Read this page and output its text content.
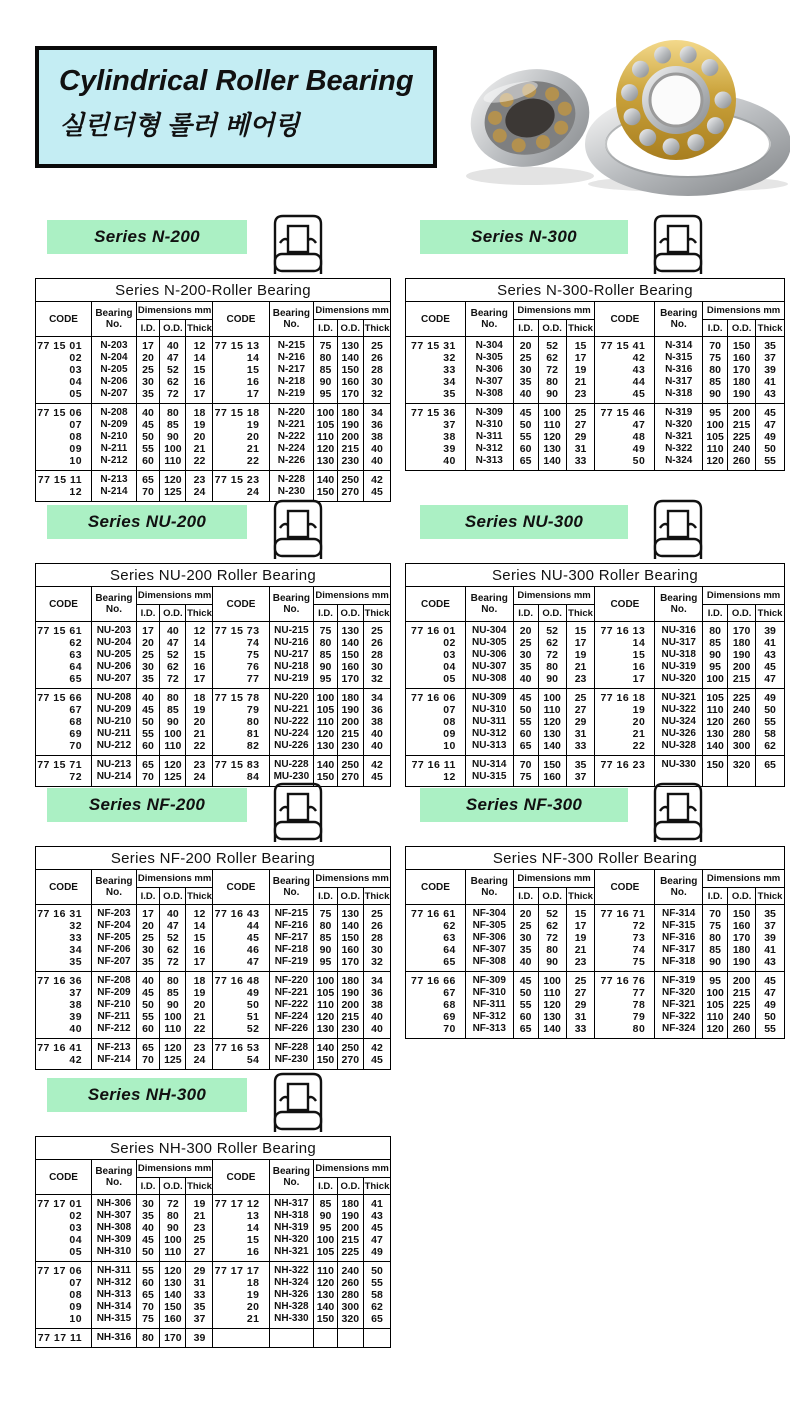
Cylindrical Roller Bearing
실린더형 롤러 베어링
Series N-200
Series N-200-Roller Bearing									
CODE	Bearing No.	Dimensions mm			CODE	Bearing No.	Dimensions mm		
		I.D.	O.D.	Thick			I.D.	O.D.	Thick
77 15 01	N-203	17	40	12	77 15 13	N-215	75	130	25
02	N-204	20	47	14	14	N-216	80	140	26
03	N-205	25	52	15	15	N-217	85	150	28
04	N-206	30	62	16	16	N-218	90	160	30
05	N-207	35	72	17	17	N-219	95	170	32
77 15 06	N-208	40	80	18	77 15 18	N-220	100	180	34
07	N-209	45	85	19	19	N-221	105	190	36
08	N-210	50	90	20	20	N-222	110	200	38
09	N-211	55	100	21	21	N-224	120	215	40
10	N-212	60	110	22	22	N-226	130	230	40
77 15 11	N-213	65	120	23	77 15 23	N-228	140	250	42
12	N-214	70	125	24	24	N-230	150	270	45
Series N-300
Series N-300-Roller Bearing									
CODE	Bearing No.	Dimensions mm			CODE	Bearing No.	Dimensions mm		
		I.D.	O.D.	Thick			I.D.	O.D.	Thick
77 15 31	N-304	20	52	15	77 15 41	N-314	70	150	35
32	N-305	25	62	17	42	N-315	75	160	37
33	N-306	30	72	19	43	N-316	80	170	39
34	N-307	35	80	21	44	N-317	85	180	41
35	N-308	40	90	23	45	N-318	90	190	43
77 15 36	N-309	45	100	25	77 15 46	N-319	95	200	45
37	N-310	50	110	27	47	N-320	100	215	47
38	N-311	55	120	29	48	N-321	105	225	49
39	N-312	60	130	31	49	N-322	110	240	50
40	N-313	65	140	33	50	N-324	120	260	55
Series NU-200
Series NU-200 Roller Bearing									
CODE	Bearing No.	Dimensions mm			CODE	Bearing No.	Dimensions mm		
		I.D.	O.D.	Thick			I.D.	O.D.	Thick
77 15 61	NU-203	17	40	12	77 15 73	NU-215	75	130	25
62	NU-204	20	47	14	74	NU-216	80	140	26
63	NU-205	25	52	15	75	NU-217	85	150	28
64	NU-206	30	62	16	76	NU-218	90	160	30
65	NU-207	35	72	17	77	NU-219	95	170	32
77 15 66	NU-208	40	80	18	77 15 78	NU-220	100	180	34
67	NU-209	45	85	19	79	NU-221	105	190	36
68	NU-210	50	90	20	80	NU-222	110	200	38
69	NU-211	55	100	21	81	NU-224	120	215	40
70	NU-212	60	110	22	82	NU-226	130	230	40
77 15 71	NU-213	65	120	23	77 15 83	NU-228	140	250	42
72	NU-214	70	125	24	84	MU-230	150	270	45
Series NU-300
Series NU-300 Roller Bearing									
CODE	Bearing No.	Dimensions mm			CODE	Bearing No.	Dimensions mm		
		I.D.	O.D.	Thick			I.D.	O.D.	Thick
77 16 01	NU-304	20	52	15	77 16 13	NU-316	80	170	39
02	NU-305	25	62	17	14	NU-317	85	180	41
03	NU-306	30	72	19	15	NU-318	90	190	43
04	NU-307	35	80	21	16	NU-319	95	200	45
05	NU-308	40	90	23	17	NU-320	100	215	47
77 16 06	NU-309	45	100	25	77 16 18	NU-321	105	225	49
07	NU-310	50	110	27	19	NU-322	110	240	50
08	NU-311	55	120	29	20	NU-324	120	260	55
09	NU-312	60	130	31	21	NU-326	130	280	58
10	NU-313	65	140	33	22	NU-328	140	300	62
77 16 11	NU-314	70	150	35	77 16 23	NU-330	150	320	65
12	NU-315	75	160	37					
Series NF-200
Series NF-200 Roller Bearing									
CODE	Bearing No.	Dimensions mm			CODE	Bearing No.	Dimensions mm		
		I.D.	O.D.	Thick			I.D.	O.D.	Thick
77 16 31	NF-203	17	40	12	77 16 43	NF-215	75	130	25
32	NF-204	20	47	14	44	NF-216	80	140	26
33	NF-205	25	52	15	45	NF-217	85	150	28
34	NF-206	30	62	16	46	NF-218	90	160	30
35	NF-207	35	72	17	47	NF-219	95	170	32
77 16 36	NF-208	40	80	18	77 16 48	NF-220	100	180	34
37	NF-209	45	85	19	49	NF-221	105	190	36
38	NF-210	50	90	20	50	NF-222	110	200	38
39	NF-211	55	100	21	51	NF-224	120	215	40
40	NF-212	60	110	22	52	NF-226	130	230	40
77 16 41	NF-213	65	120	23	77 16 53	NF-228	140	250	42
42	NF-214	70	125	24	54	NF-230	150	270	45
Series NF-300
Series NF-300 Roller Bearing									
CODE	Bearing No.	Dimensions mm			CODE	Bearing No.	Dimensions mm		
		I.D.	O.D.	Thick			I.D.	O.D.	Thick
77 16 61	NF-304	20	52	15	77 16 71	NF-314	70	150	35
62	NF-305	25	62	17	72	NF-315	75	160	37
63	NF-306	30	72	19	73	NF-316	80	170	39
64	NF-307	35	80	21	74	NF-317	85	180	41
65	NF-308	40	90	23	75	NF-318	90	190	43
77 16 66	NF-309	45	100	25	77 16 76	NF-319	95	200	45
67	NF-310	50	110	27	77	NF-320	100	215	47
68	NF-311	55	120	29	78	NF-321	105	225	49
69	NF-312	60	130	31	79	NF-322	110	240	50
70	NF-313	65	140	33	80	NF-324	120	260	55
Series NH-300
Series NH-300 Roller Bearing									
CODE	Bearing No.	Dimensions mm			CODE	Bearing No.	Dimensions mm		
		I.D.	O.D.	Thick			I.D.	O.D.	Thick
77 17 01	NH-306	30	72	19	77 17 12	NH-317	85	180	41
02	NH-307	35	80	21	13	NH-318	90	190	43
03	NH-308	40	90	23	14	NH-319	95	200	45
04	NH-309	45	100	25	15	NH-320	100	215	47
05	NH-310	50	110	27	16	NH-321	105	225	49
77 17 06	NH-311	55	120	29	77 17 17	NH-322	110	240	50
07	NH-312	60	130	31	18	NH-324	120	260	55
08	NH-313	65	140	33	19	NH-326	130	280	58
09	NH-314	70	150	35	20	NH-328	140	300	62
10	NH-315	75	160	37	21	NH-330	150	320	65
77 17 11	NH-316	80	170	39					
